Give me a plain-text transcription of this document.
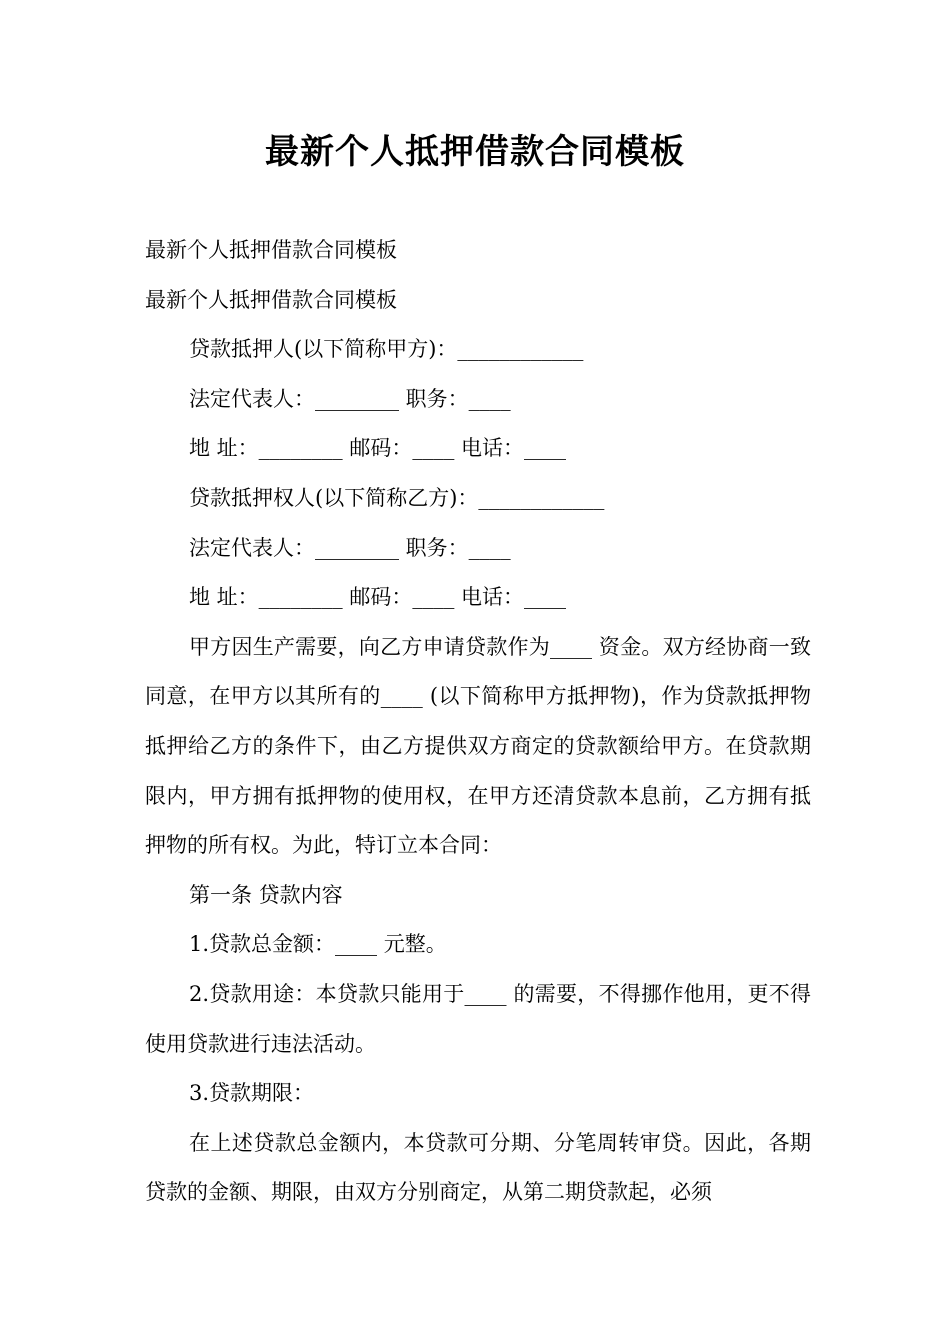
最新个人抵押借款合同模板
最新个人抵押借款合同模板
最新个人抵押借款合同模板
贷款抵押人(以下简称甲方)：____________
法定代表人：________ 职务：____
地 址：________ 邮码：____ 电话：____
贷款抵押权人(以下简称乙方)：____________
法定代表人：________ 职务：____
地 址：________ 邮码：____ 电话：____

甲方因生产需要，向乙方申请贷款作为____ 资金。双方经协商一致同意，在甲方以其所有的____ (以下简称甲方抵押物)，作为贷款抵押物抵押给乙方的条件下，由乙方提供双方商定的贷款额给甲方。在贷款期限内，甲方拥有抵押物的使用权，在甲方还清贷款本息前，乙方拥有抵押物的所有权。为此，特订立本合同：

第一条 贷款内容
1.贷款总金额：____ 元整。

2.贷款用途：本贷款只能用于____ 的需要，不得挪作他用，更不得使用贷款进行违法活动。

3.贷款期限：

在上述贷款总金额内，本贷款可分期、分笔周转审贷。因此，各期贷款的金额、期限，由双方分别商定，从第二期贷款起，必须
